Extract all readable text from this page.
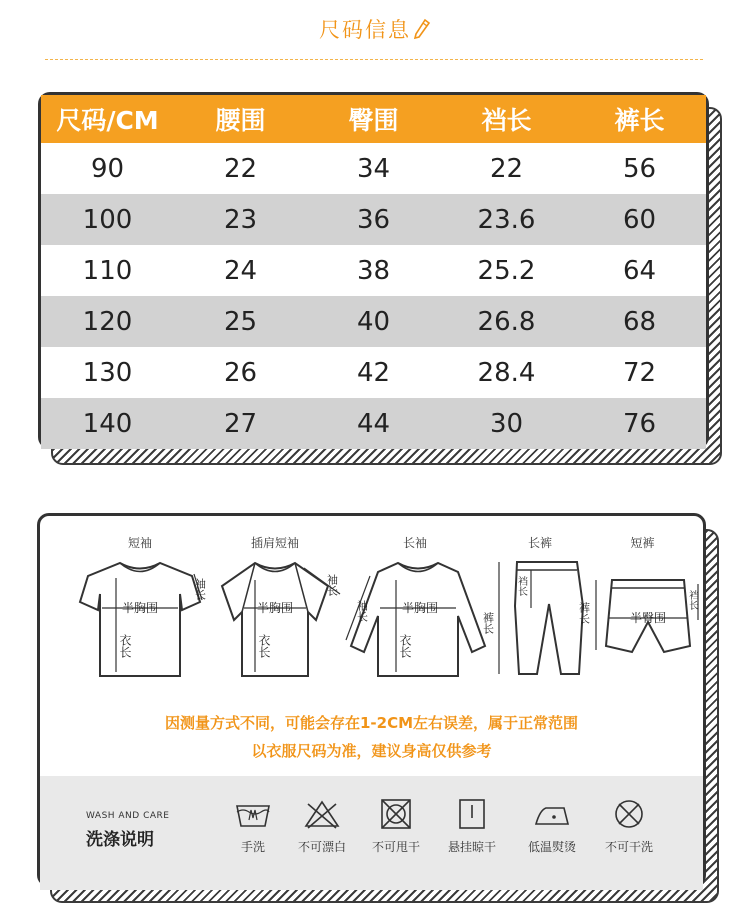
尺码信息
尺码/CM	腰围	臀围	裆长	裤长
90	22	34	22	56
100	23	36	23.6	60
110	24	38	25.2	64
120	25	40	26.8	68
130	26	42	28.4	72
140	27	44	30	76
短袖
半胸围
衣长
袖长
插肩短袖
半胸围
衣长
袖长
长袖
半胸围
衣长
袖长
长裤
裤长
裆长
短裤
半臀围
裤长
裆长
因测量方式不同，可能会存在1-2CM左右误差，属于正常范围
以衣服尺码为准，建议身高仅供参考
WASH AND CARE
洗涤说明	手洗	不可漂白	不可甩干	悬挂晾干	低温熨烫	不可干洗
